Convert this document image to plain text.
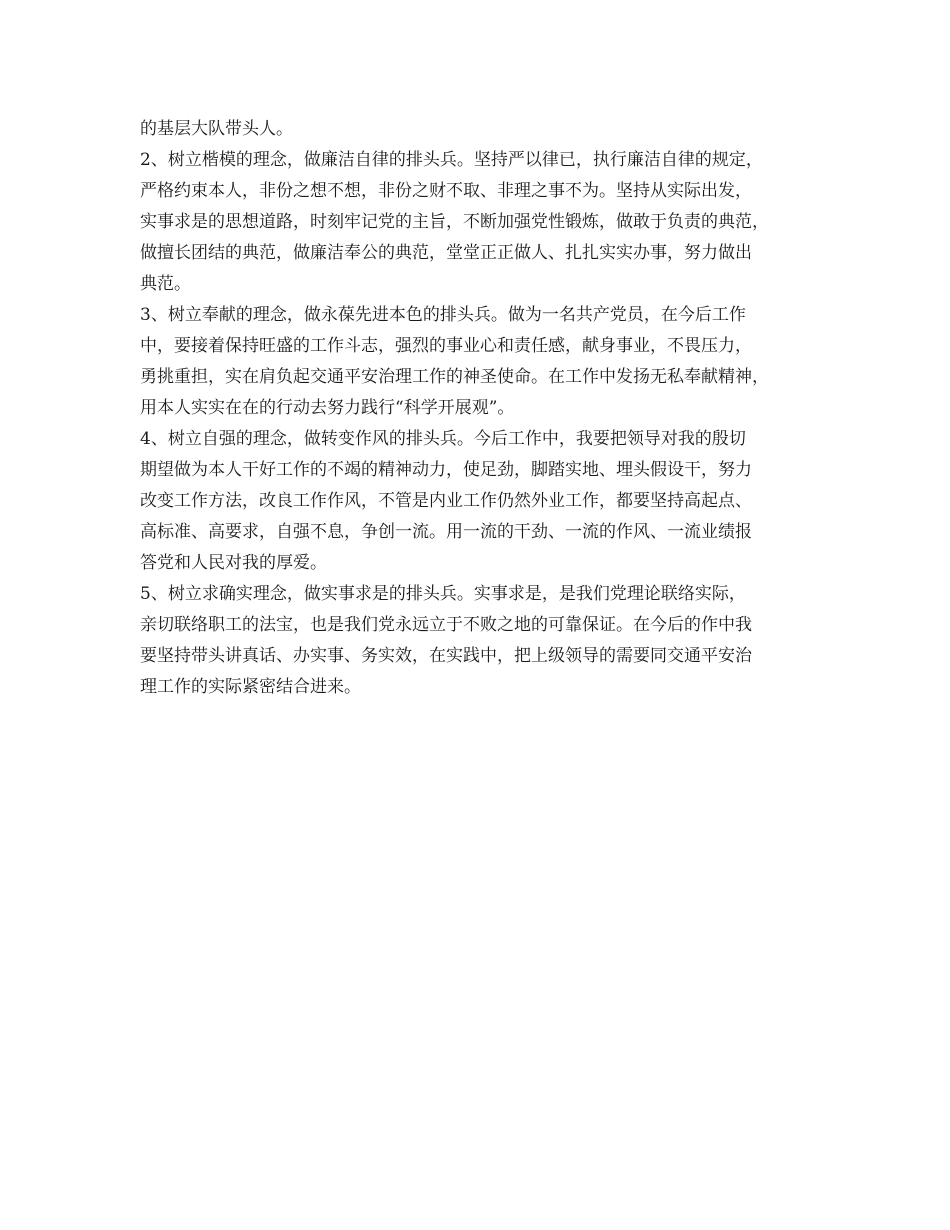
的基层大队带头人。
2、树立楷模的理念，做廉洁自律的排头兵。坚持严以律已，执行廉洁自律的规定，
严格约束本人，非份之想不想，非份之财不取、非理之事不为。坚持从实际出发，
实事求是的思想道路，时刻牢记党的主旨，不断加强党性锻炼，做敢于负责的典范，
做擅长团结的典范，做廉洁奉公的典范，堂堂正正做人、扎扎实实办事，努力做出
典范。
3、树立奉献的理念，做永葆先进本色的排头兵。做为一名共产党员，在今后工作
中，要接着保持旺盛的工作斗志，强烈的事业心和责任感，献身事业，不畏压力，
勇挑重担，实在肩负起交通平安治理工作的神圣使命。在工作中发扬无私奉献精神，
用本人实实在在的行动去努力践行“科学开展观”。
4、树立自强的理念，做转变作风的排头兵。今后工作中，我要把领导对我的殷切
期望做为本人干好工作的不竭的精神动力，使足劲，脚踏实地、埋头假设干，努力
改变工作方法，改良工作作风，不管是内业工作仍然外业工作，都要坚持高起点、
高标准、高要求，自强不息，争创一流。用一流的干劲、一流的作风、一流业绩报
答党和人民对我的厚爱。
5、树立求确实理念，做实事求是的排头兵。实事求是，是我们党理论联络实际，
亲切联络职工的法宝，也是我们党永远立于不败之地的可靠保证。在今后的作中我
要坚持带头讲真话、办实事、务实效，在实践中，把上级领导的需要同交通平安治
理工作的实际紧密结合进来。
